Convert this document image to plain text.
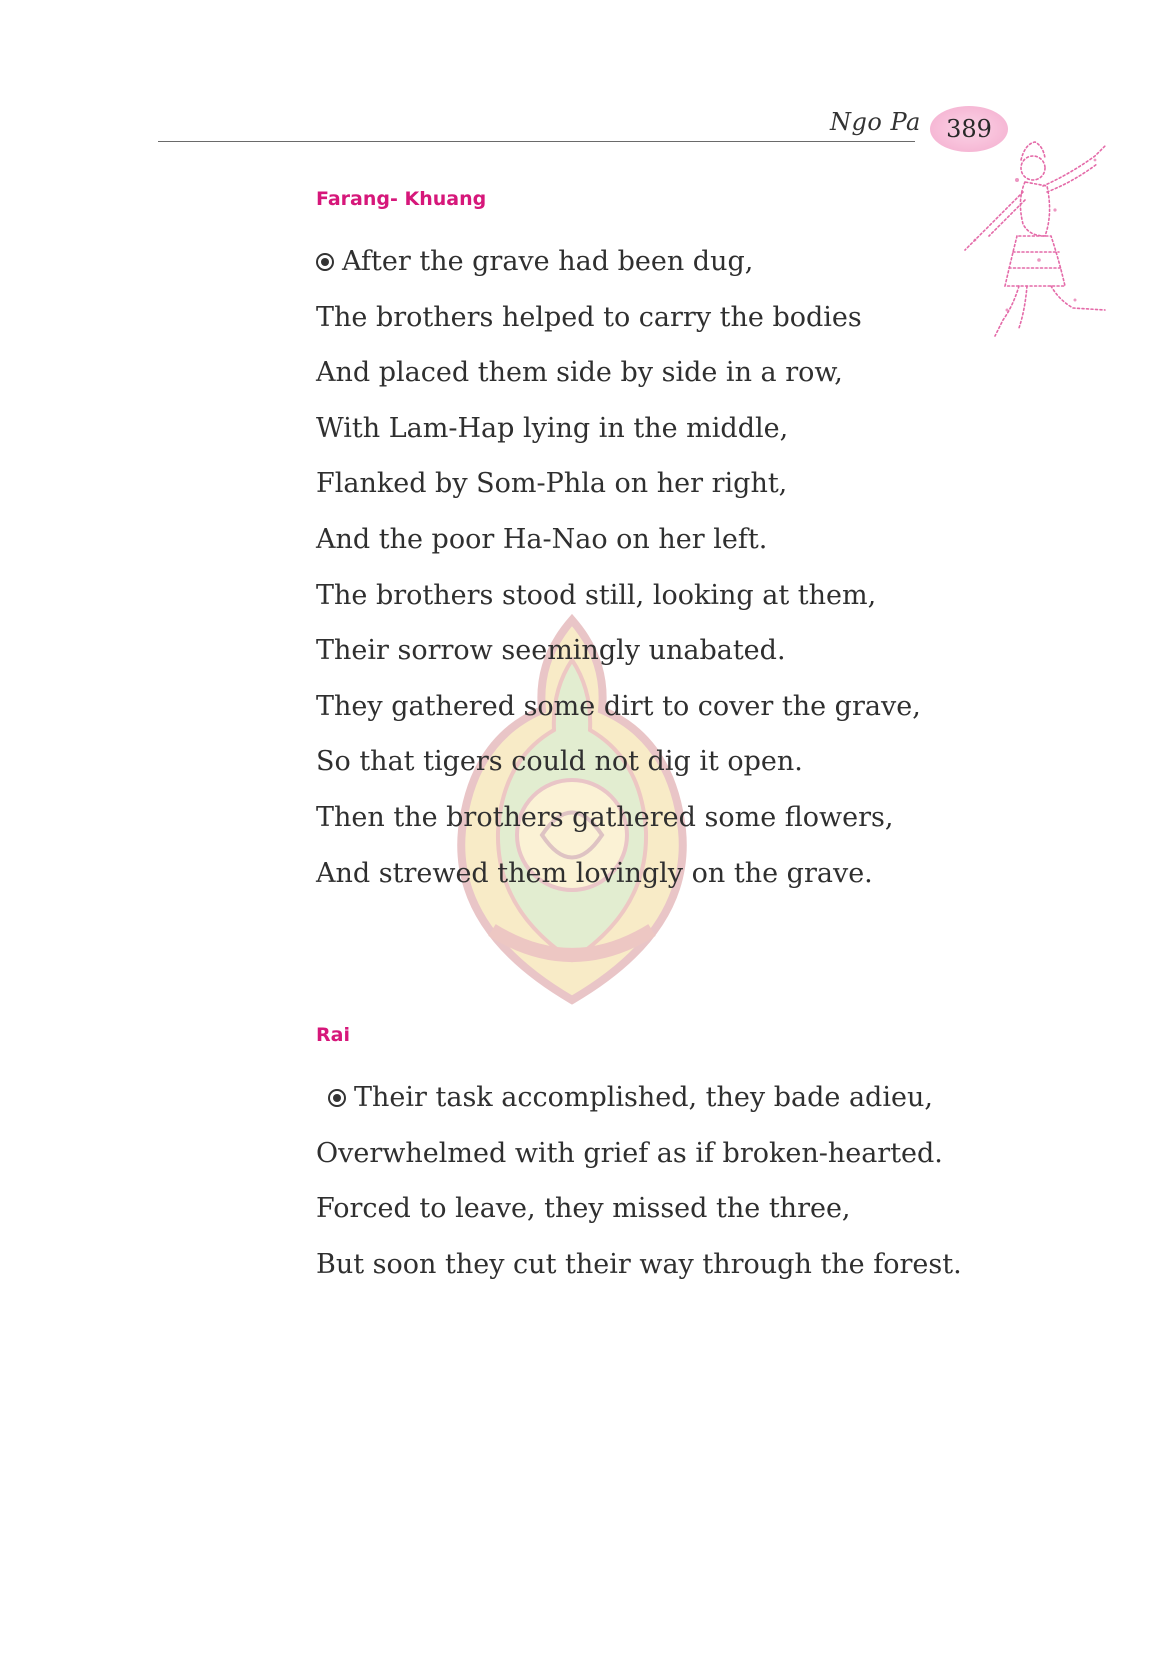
Ngo Pa 389
Farang- Khuang
After the grave had been dug,
The brothers helped to carry the bodies
And placed them side by side in a row,
With Lam-Hap lying in the middle,
Flanked by Som-Phla on her right,
And the poor Ha-Nao on her left.
The brothers stood still, looking at them,
Their sorrow seemingly unabated.
They gathered some dirt to cover the grave,
So that tigers could not dig it open.
Then the brothers gathered some flowers,
And strewed them lovingly on the grave.
Rai
Their task accomplished, they bade adieu,
Overwhelmed with grief as if broken-hearted.
Forced to leave, they missed the three,
But soon they cut their way through the forest.
